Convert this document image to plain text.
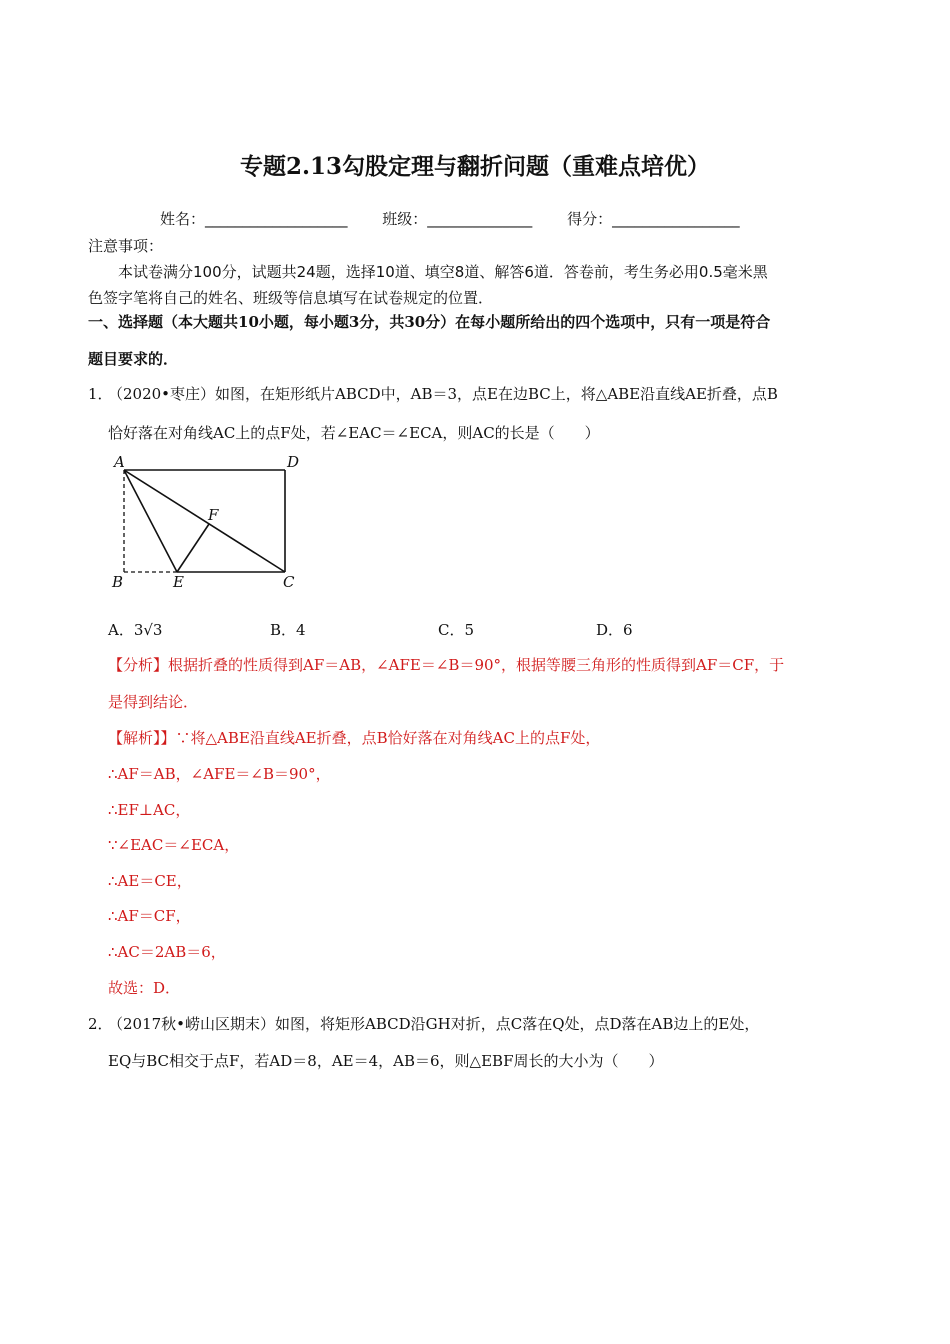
专题2.13勾股定理与翻折问题（重难点培优）
姓名：___________________ 班级：______________ 得分：_________________
注意事项：
本试卷满分100分，试题共24题，选择10道、填空8道、解答6道．答卷前，考生务必用0.5毫米黑
色签字笔将自己的姓名、班级等信息填写在试卷规定的位置．
一、选择题（本大题共10小题，每小题3分，共30分）在每小题所给出的四个选项中，只有一项是符合
题目要求的．
1．
（2020•枣庄）如图，在矩形纸片ABCD中，AB＝3，点E在边BC上，将△ABE沿直线AE折叠，点B
恰好落在对角线AC上的点F处，若∠EAC＝∠ECA，则AC的长是（　　）
A	D
B	E	C
F
A．3√3	B．4	C．5	D．6
【分析】根据折叠的性质得到AF＝AB，∠AFE＝∠B＝90°，根据等腰三角形的性质得到AF＝CF，于
是得到结论．
【解析】】∵将△ABE沿直线AE折叠，点B恰好落在对角线AC上的点F处，
∴AF＝AB，∠AFE＝∠B＝90°，
∴EF⊥AC，
∵∠EAC＝∠ECA，
∴AE＝CE，
∴AF＝CF，
∴AC＝2AB＝6，
故选：D．
2．
（2017秋•崂山区期末）如图，将矩形ABCD沿GH对折，点C落在Q处，点D落在AB边上的E处，
EQ与BC相交于点F，若AD＝8，AE＝4，AB＝6，则△EBF周长的大小为（　　）
